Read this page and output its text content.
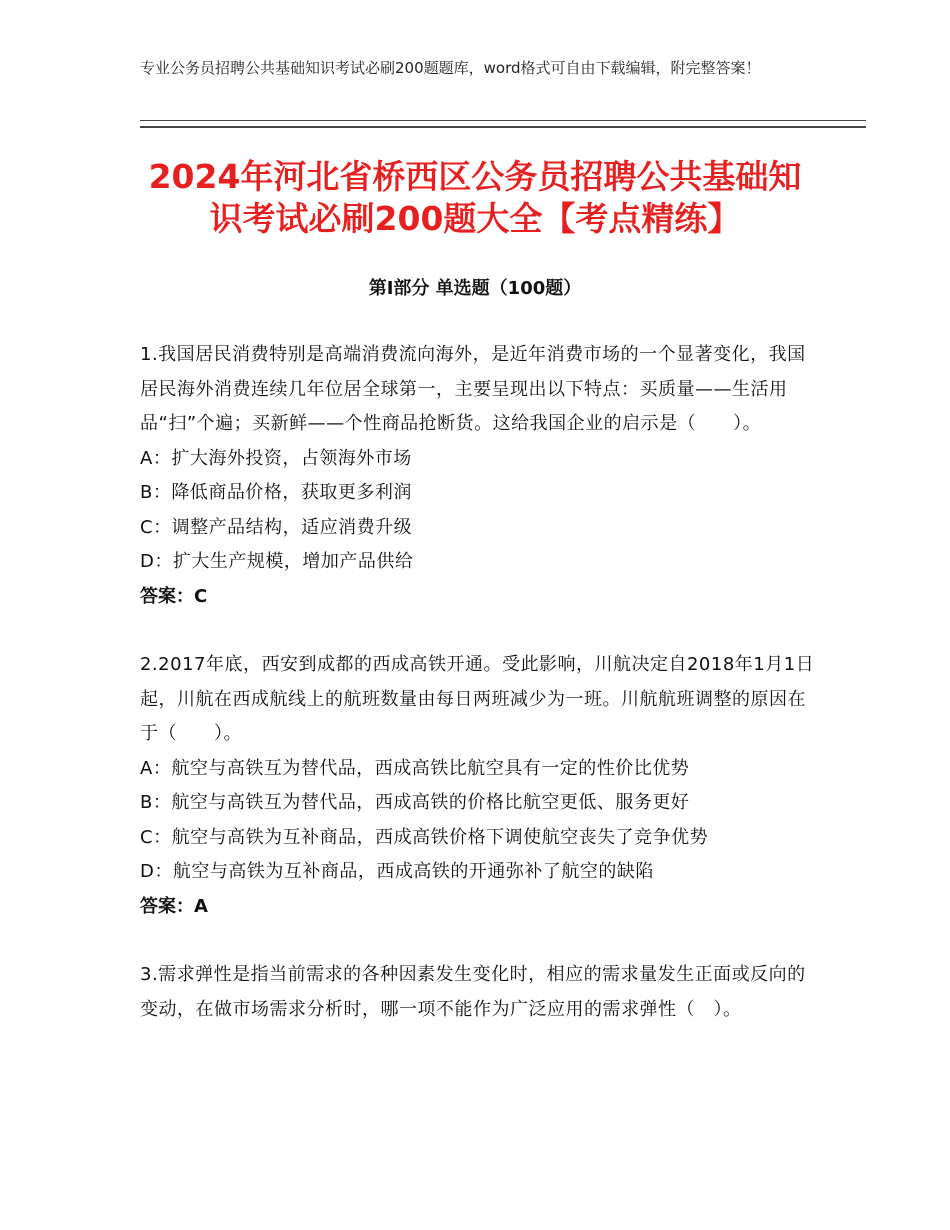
专业公务员招聘公共基础知识考试必刷200题题库，word格式可自由下载编辑，附完整答案！
2024年河北省桥西区公务员招聘公共基础知
识考试必刷200题大全【考点精练】
第Ⅰ部分 单选题（100题）

1.我国居民消费特别是高端消费流向海外，是近年消费市场的一个显著变化，我国居民海外消费连续几年位居全球第一，主要呈现出以下特点：买质量——生活用品“扫”个遍；买新鲜——个性商品抢断货。这给我国企业的启示是（　　）。

A：扩大海外投资，占领海外市场

B：降低商品价格，获取更多利润

C：调整产品结构，适应消费升级

D：扩大生产规模，增加产品供给

答案：C

2.2017年底，西安到成都的西成高铁开通。受此影响，川航决定自2018年1月1日起，川航在西成航线上的航班数量由每日两班减少为一班。川航航班调整的原因在于（　　）。

A：航空与高铁互为替代品，西成高铁比航空具有一定的性价比优势

B：航空与高铁互为替代品，西成高铁的价格比航空更低、服务更好

C：航空与高铁为互补商品，西成高铁价格下调使航空丧失了竞争优势

D：航空与高铁为互补商品，西成高铁的开通弥补了航空的缺陷

答案：A

3.需求弹性是指当前需求的各种因素发生变化时，相应的需求量发生正面或反向的变动，在做市场需求分析时，哪一项不能作为广泛应用的需求弹性（　）。
